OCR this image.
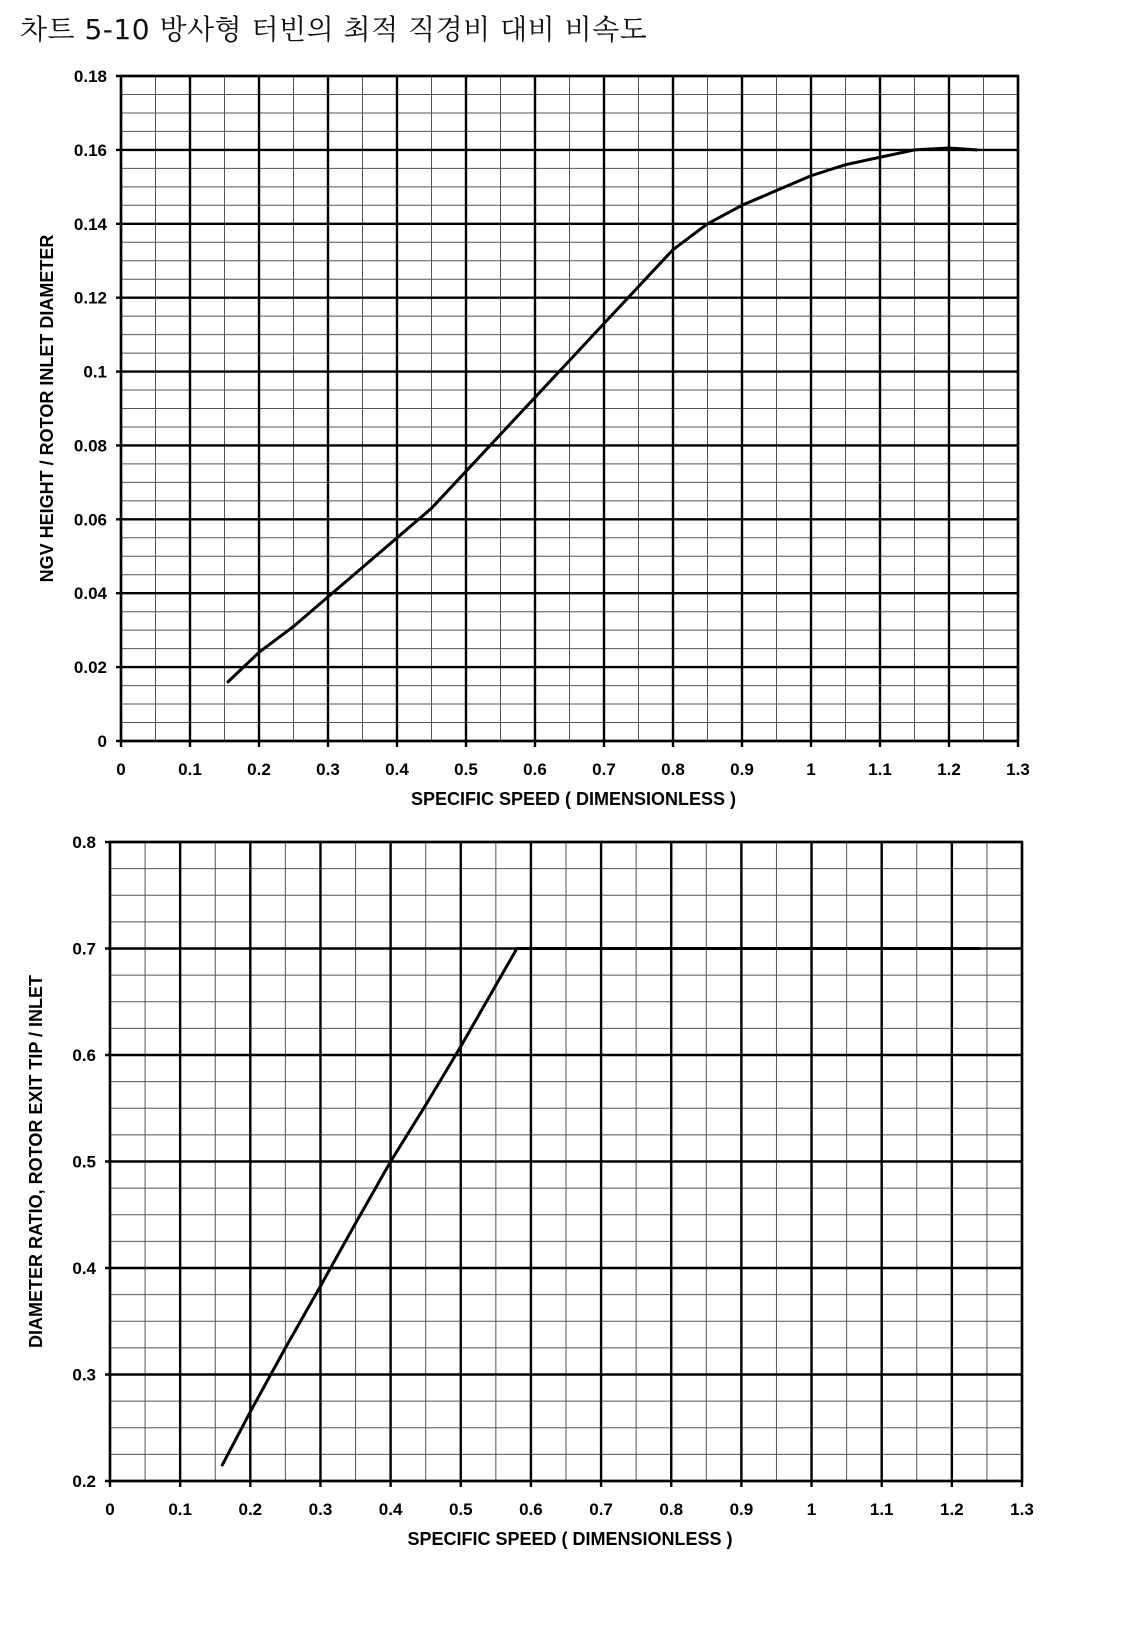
차트 5-10 방사형 터빈의 최적 직경비 대비 비속도
0	0.1	0.2	0.3	0.4	0.5	0.6	0.7	0.8	0.9	1	1.1	1.2	1.3
0
0.02
0.04
0.06
0.08
0.1
0.12
0.14
0.16
0.18
SPECIFIC SPEED ( DIMENSIONLESS )
NGV HEIGHT / ROTOR INLET DIAMETER
0	0.1	0.2	0.3	0.4	0.5	0.6	0.7	0.8	0.9	1	1.1	1.2	1.3
0.2
0.3
0.4
0.5
0.6
0.7
0.8
SPECIFIC SPEED ( DIMENSIONLESS )
DIAMETER RATIO, ROTOR EXIT TIP / INLET
